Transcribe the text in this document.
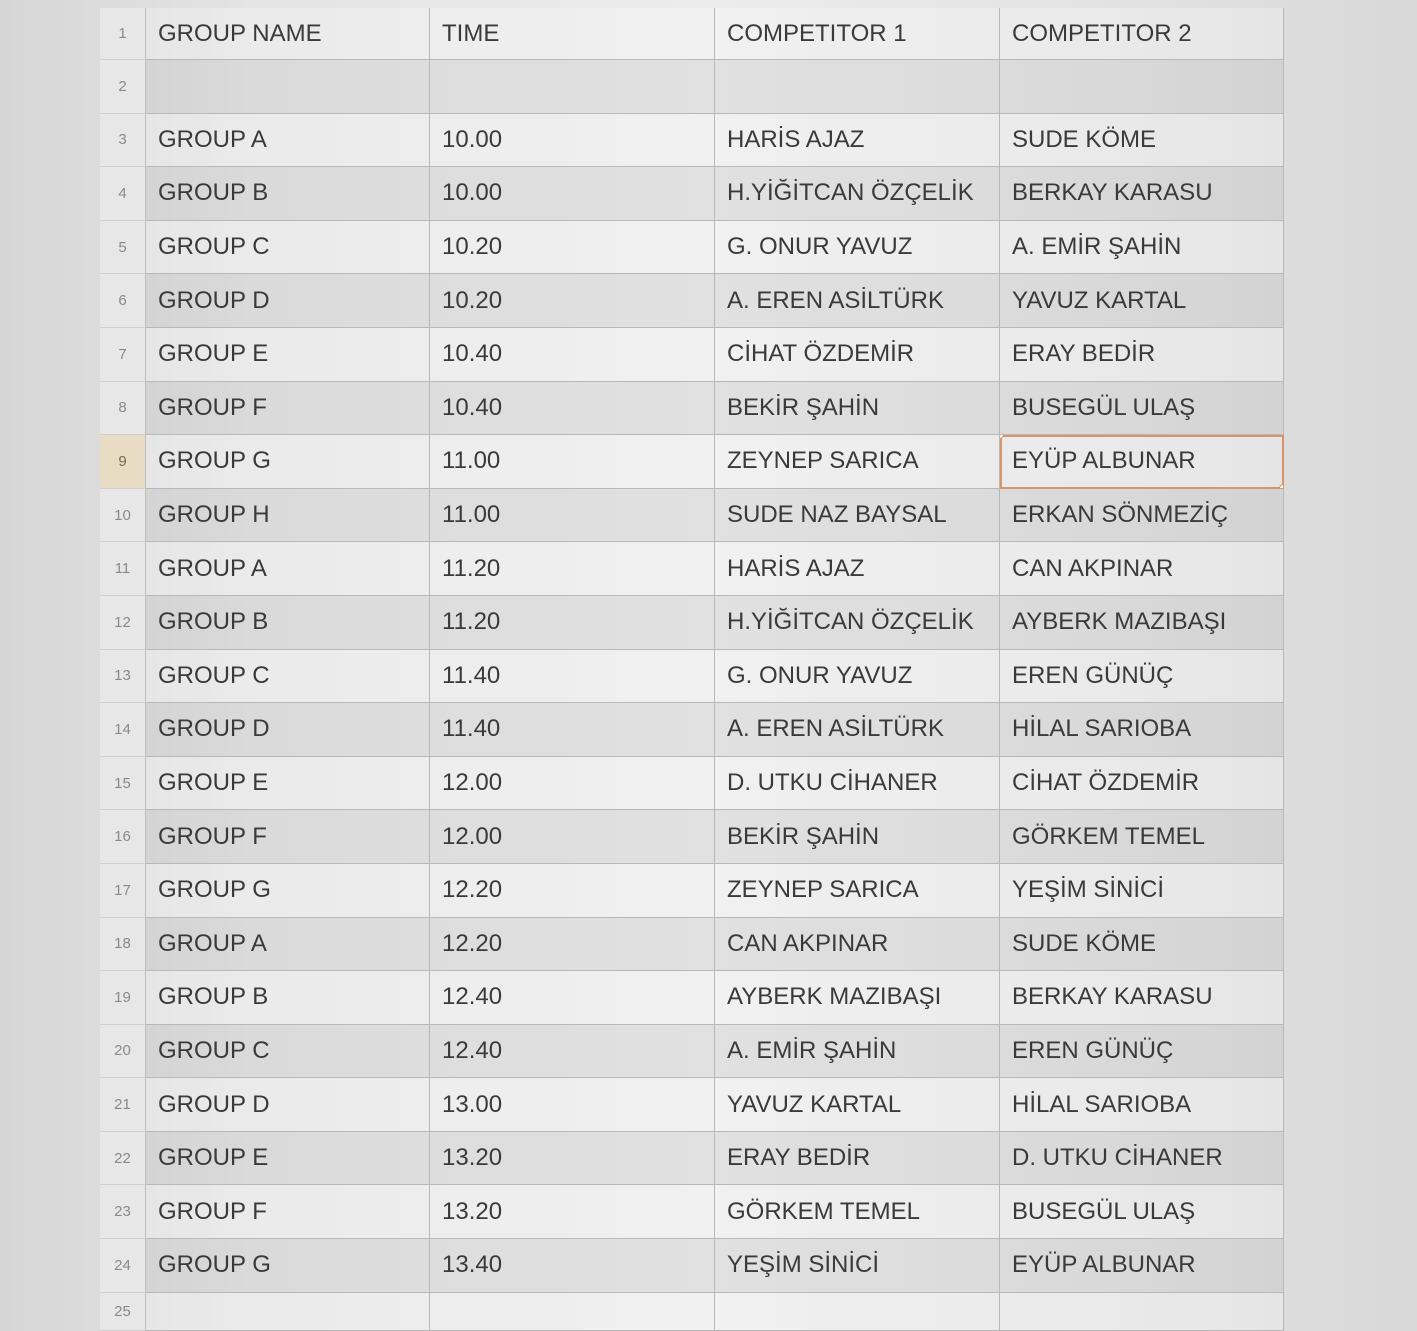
1	GROUP NAME	TIME	COMPETITOR 1	COMPETITOR 2
2
3	GROUP A	10.00	HARİS AJAZ	SUDE KÖME
4	GROUP B	10.00	H.YİĞİTCAN ÖZÇELİK	BERKAY KARASU
5	GROUP C	10.20	G. ONUR YAVUZ	A. EMİR ŞAHİN
6	GROUP D	10.20	A. EREN ASİLTÜRK	YAVUZ KARTAL
7	GROUP E	10.40	CİHAT ÖZDEMİR	ERAY BEDİR
8	GROUP F	10.40	BEKİR ŞAHİN	BUSEGÜL ULAŞ
9	GROUP G	11.00	ZEYNEP SARICA	EYÜP ALBUNAR
10	GROUP H	11.00	SUDE NAZ BAYSAL	ERKAN SÖNMEZİÇ
11	GROUP A	11.20	HARİS AJAZ	CAN AKPINAR
12	GROUP B	11.20	H.YİĞİTCAN ÖZÇELİK	AYBERK MAZIBAŞI
13	GROUP C	11.40	G. ONUR YAVUZ	EREN GÜNÜÇ
14	GROUP D	11.40	A. EREN ASİLTÜRK	HİLAL SARIOBA
15	GROUP E	12.00	D. UTKU CİHANER	CİHAT ÖZDEMİR
16	GROUP F	12.00	BEKİR ŞAHİN	GÖRKEM TEMEL
17	GROUP G	12.20	ZEYNEP SARICA	YEŞİM SİNİCİ
18	GROUP A	12.20	CAN AKPINAR	SUDE KÖME
19	GROUP B	12.40	AYBERK MAZIBAŞI	BERKAY KARASU
20	GROUP C	12.40	A. EMİR ŞAHİN	EREN GÜNÜÇ
21	GROUP D	13.00	YAVUZ KARTAL	HİLAL SARIOBA
22	GROUP E	13.20	ERAY BEDİR	D. UTKU CİHANER
23	GROUP F	13.20	GÖRKEM TEMEL	BUSEGÜL ULAŞ
24	GROUP G	13.40	YEŞİM SİNİCİ	EYÜP ALBUNAR
25
